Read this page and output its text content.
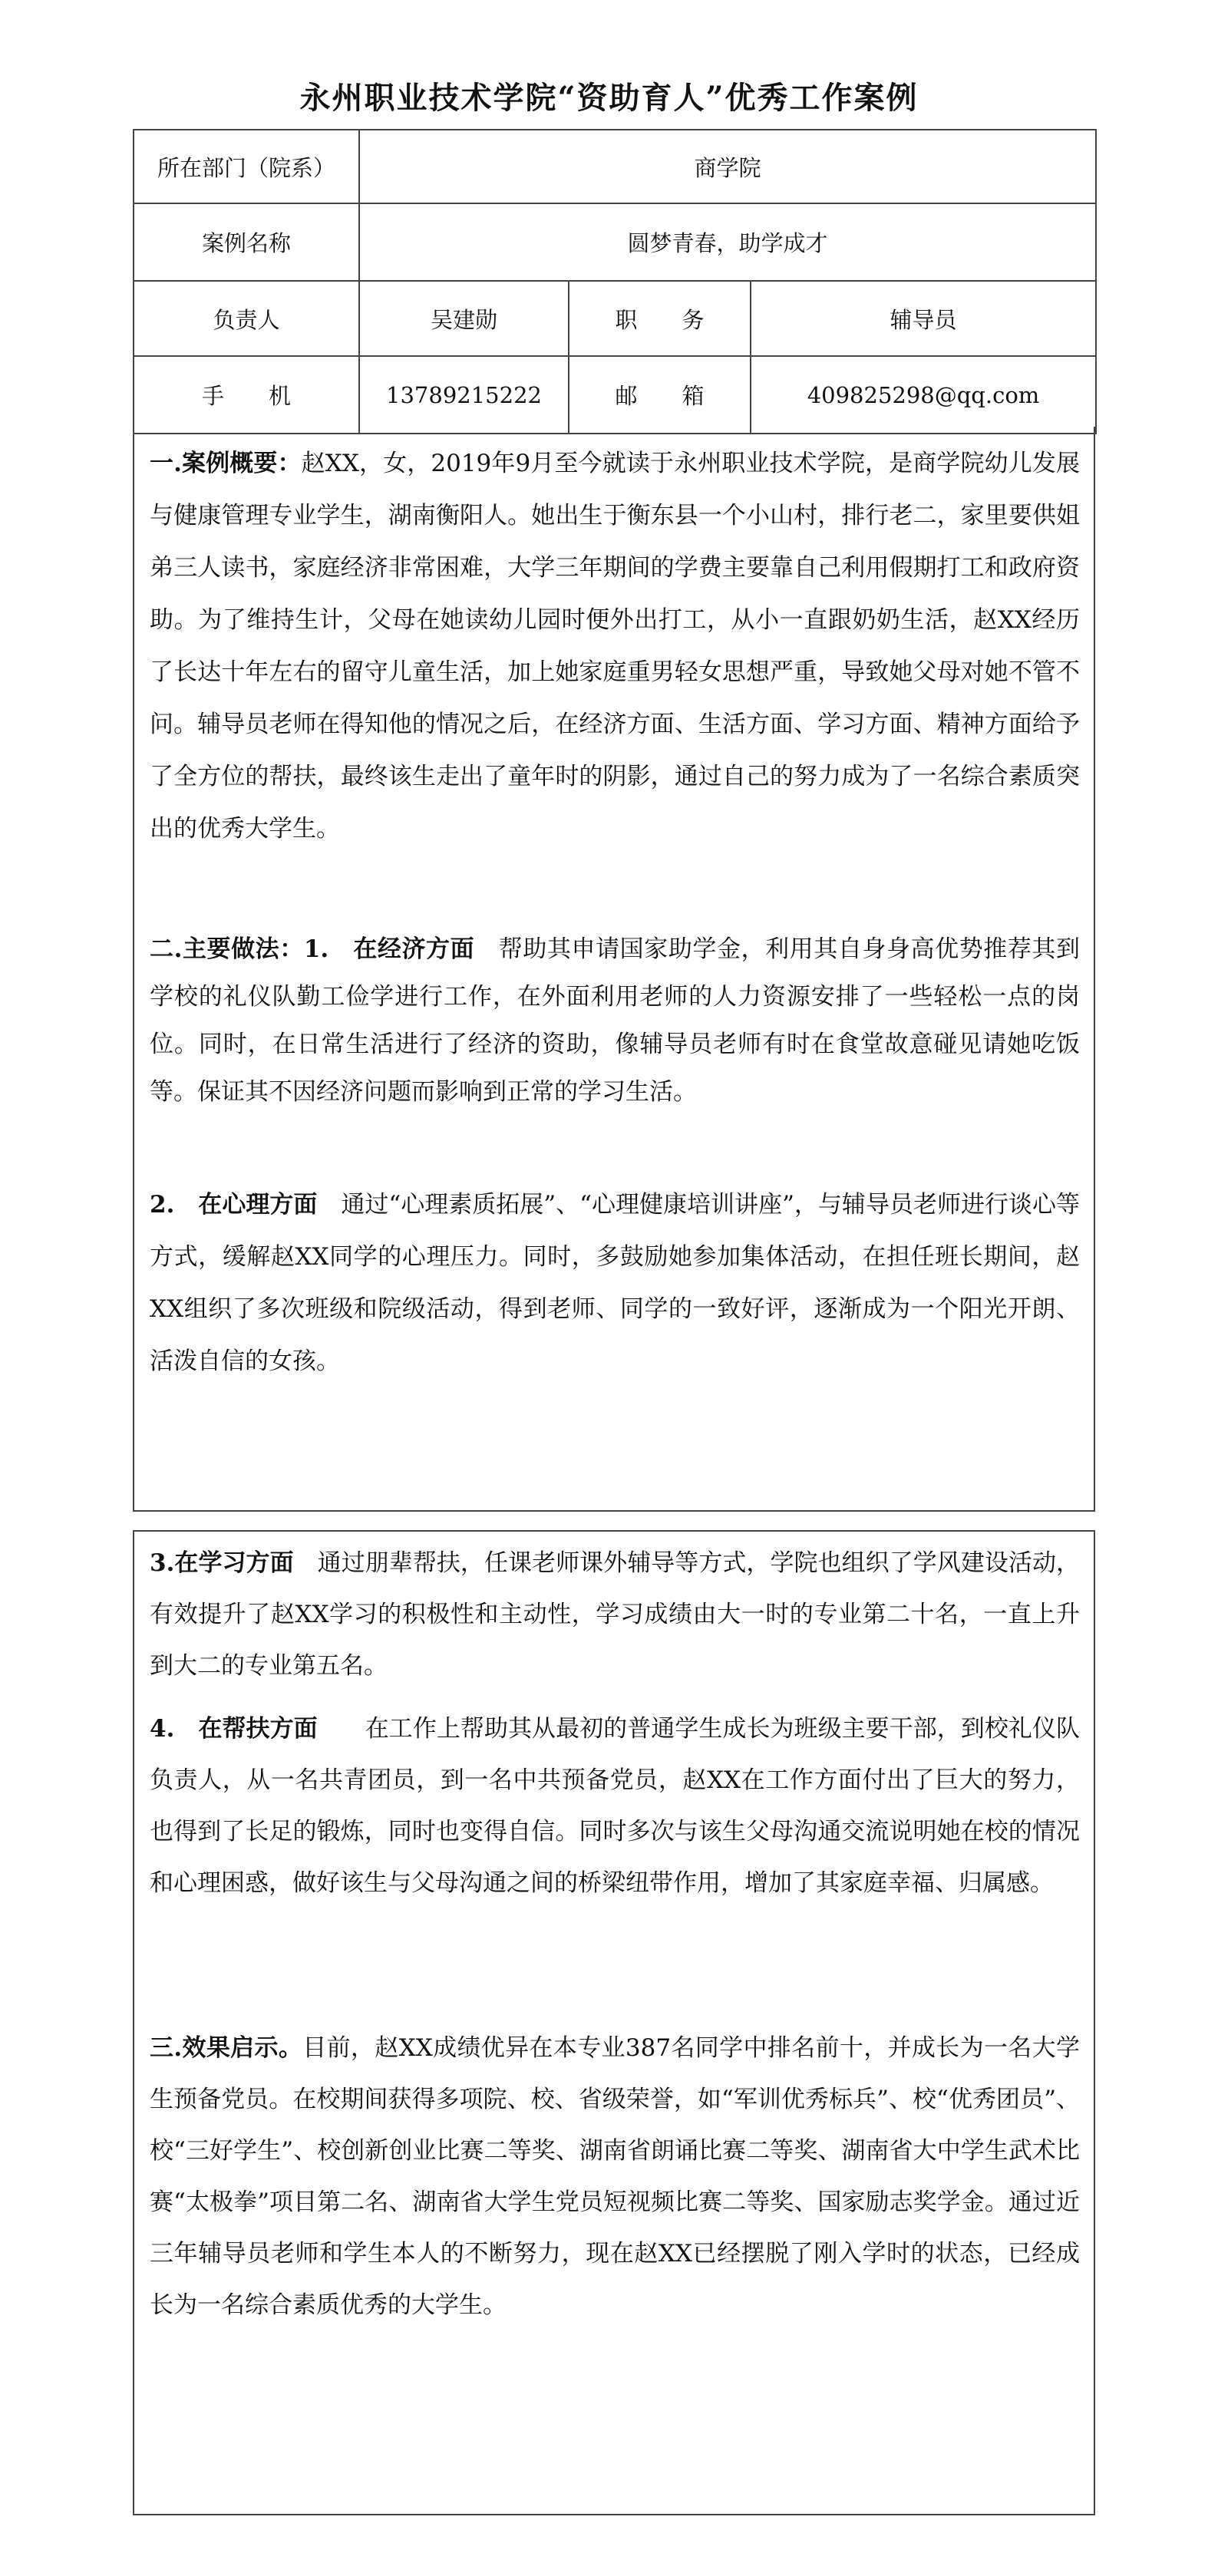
永州职业技术学院“资助育人”优秀工作案例
所在部门（院系）	商学院		
案例名称	圆梦青春，助学成才		
负责人	吴建勋	职　　务	辅导员
手　　机	13789215222	邮　　箱	409825298@qq.com

一.案例概要：赵XX，女，2019年9月至今就读于永州职业技术学院，是商学院幼儿发展与健康管理专业学生，湖南衡阳人。她出生于衡东县一个小山村，排行老二，家里要供姐弟三人读书，家庭经济非常困难，大学三年期间的学费主要靠自己利用假期打工和政府资助。为了维持生计，父母在她读幼儿园时便外出打工，从小一直跟奶奶生活，赵XX经历了长达十年左右的留守儿童生活，加上她家庭重男轻女思想严重，导致她父母对她不管不问。辅导员老师在得知他的情况之后，在经济方面、生活方面、学习方面、精神方面给予了全方位的帮扶，最终该生走出了童年时的阴影，通过自己的努力成为了一名综合素质突出的优秀大学生。

二.主要做法：1.　在经济方面　帮助其申请国家助学金，利用其自身身高优势推荐其到学校的礼仪队勤工俭学进行工作，在外面利用老师的人力资源安排了一些轻松一点的岗位。同时，在日常生活进行了经济的资助，像辅导员老师有时在食堂故意碰见请她吃饭等。保证其不因经济问题而影响到正常的学习生活。

2.　在心理方面　通过“心理素质拓展”、“心理健康培训讲座”，与辅导员老师进行谈心等方式，缓解赵XX同学的心理压力。同时，多鼓励她参加集体活动，在担任班长期间，赵XX组织了多次班级和院级活动，得到老师、同学的一致好评，逐渐成为一个阳光开朗、活泼自信的女孩。

3.在学习方面　通过朋辈帮扶，任课老师课外辅导等方式，学院也组织了学风建设活动，有效提升了赵XX学习的积极性和主动性，学习成绩由大一时的专业第二十名，一直上升到大二的专业第五名。

4.　在帮扶方面　　在工作上帮助其从最初的普通学生成长为班级主要干部，到校礼仪队负责人，从一名共青团员，到一名中共预备党员，赵XX在工作方面付出了巨大的努力，也得到了长足的锻炼，同时也变得自信。同时多次与该生父母沟通交流说明她在校的情况和心理困惑，做好该生与父母沟通之间的桥梁纽带作用，增加了其家庭幸福、归属感。

三.效果启示。目前，赵XX成绩优异在本专业387名同学中排名前十，并成长为一名大学生预备党员。在校期间获得多项院、校、省级荣誉，如“军训优秀标兵”、校“优秀团员”、校“三好学生”、校创新创业比赛二等奖、湖南省朗诵比赛二等奖、湖南省大中学生武术比赛“太极拳”项目第二名、湖南省大学生党员短视频比赛二等奖、国家励志奖学金。通过近三年辅导员老师和学生本人的不断努力，现在赵XX已经摆脱了刚入学时的状态，已经成长为一名综合素质优秀的大学生。
